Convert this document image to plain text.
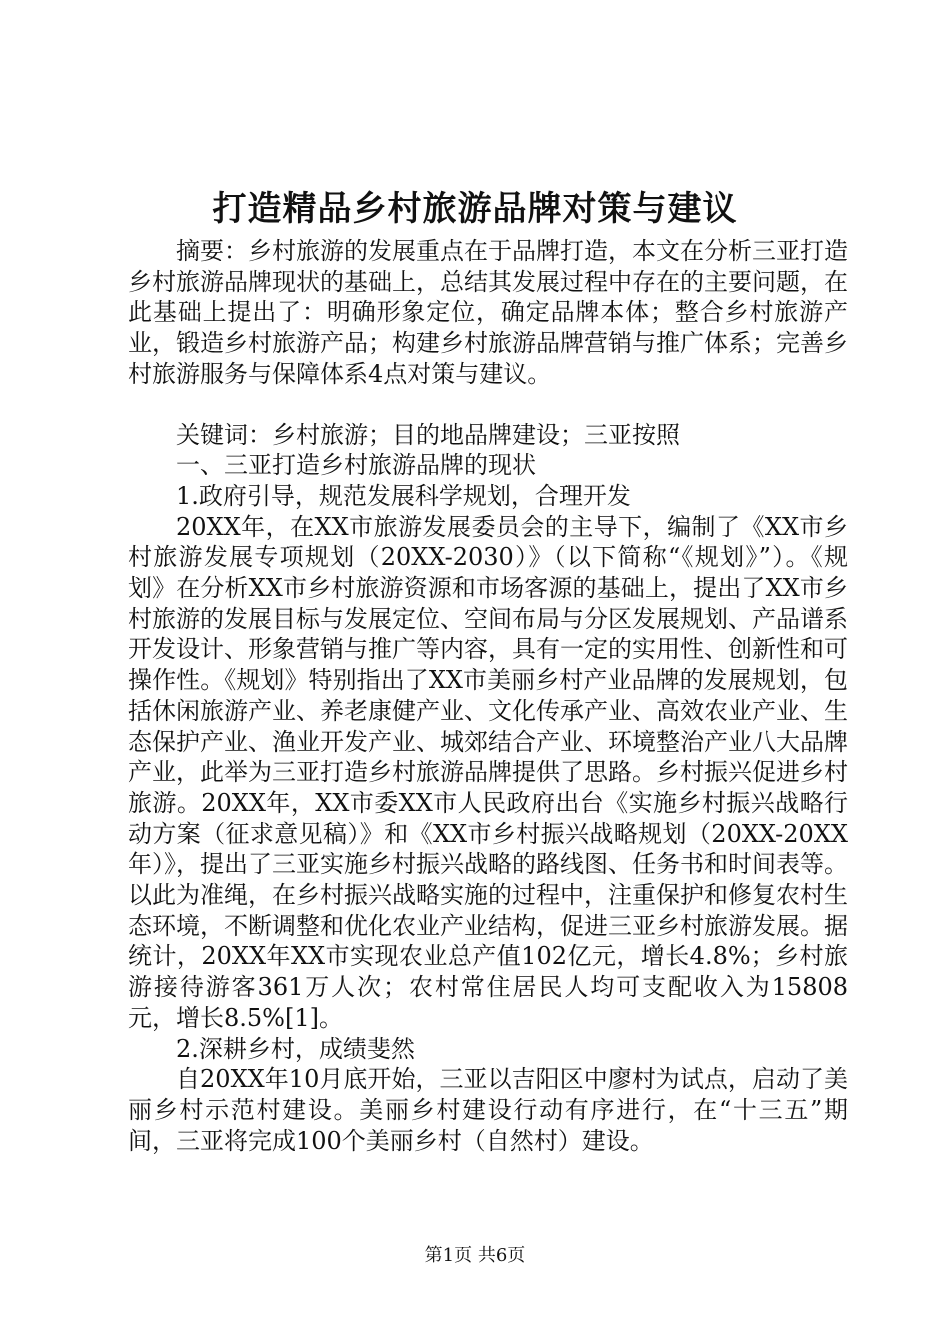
打造精品乡村旅游品牌对策与建议

摘要：乡村旅游的发展重点在于品牌打造，本文在分析三亚打造乡村旅游品牌现状的基础上，总结其发展过程中存在的主要问题，在此基础上提出了：明确形象定位，确定品牌本体；整合乡村旅游产业，锻造乡村旅游产品；构建乡村旅游品牌营销与推广体系；完善乡村旅游服务与保障体系4点对策与建议。

关键词：乡村旅游；目的地品牌建设；三亚按照

一、三亚打造乡村旅游品牌的现状

1.政府引导，规范发展科学规划，合理开发

20XX年，在XX市旅游发展委员会的主导下，编制了《XX市乡村旅游发展专项规划（20XX-2030）》（以下简称“《规划》”）。《规划》在分析XX市乡村旅游资源和市场客源的基础上，提出了XX市乡村旅游的发展目标与发展定位、空间布局与分区发展规划、产品谱系开发设计、形象营销与推广等内容，具有一定的实用性、创新性和可操作性。《规划》特别指出了XX市美丽乡村产业品牌的发展规划，包括休闲旅游产业、养老康健产业、文化传承产业、高效农业产业、生态保护产业、渔业开发产业、城郊结合产业、环境整治产业八大品牌产业，此举为三亚打造乡村旅游品牌提供了思路。乡村振兴促进乡村旅游。20XX年，XX市委XX市人民政府出台《实施乡村振兴战略行动方案（征求意见稿）》和《XX市乡村振兴战略规划（20XX-20XX年）》，提出了三亚实施乡村振兴战略的路线图、任务书和时间表等。以此为准绳，在乡村振兴战略实施的过程中，注重保护和修复农村生态环境，不断调整和优化农业产业结构，促进三亚乡村旅游发展。据统计，20XX年XX市实现农业总产值102亿元，增长4.8%；乡村旅游接待游客361万人次；农村常住居民人均可支配收入为15808元，增长8.5%[1]。

2.深耕乡村，成绩斐然

自20XX年10月底开始，三亚以吉阳区中廖村为试点，启动了美丽乡村示范村建设。美丽乡村建设行动有序进行，在“十三五”期间，三亚将完成100个美丽乡村（自然村）建设。

第1页 共6页
